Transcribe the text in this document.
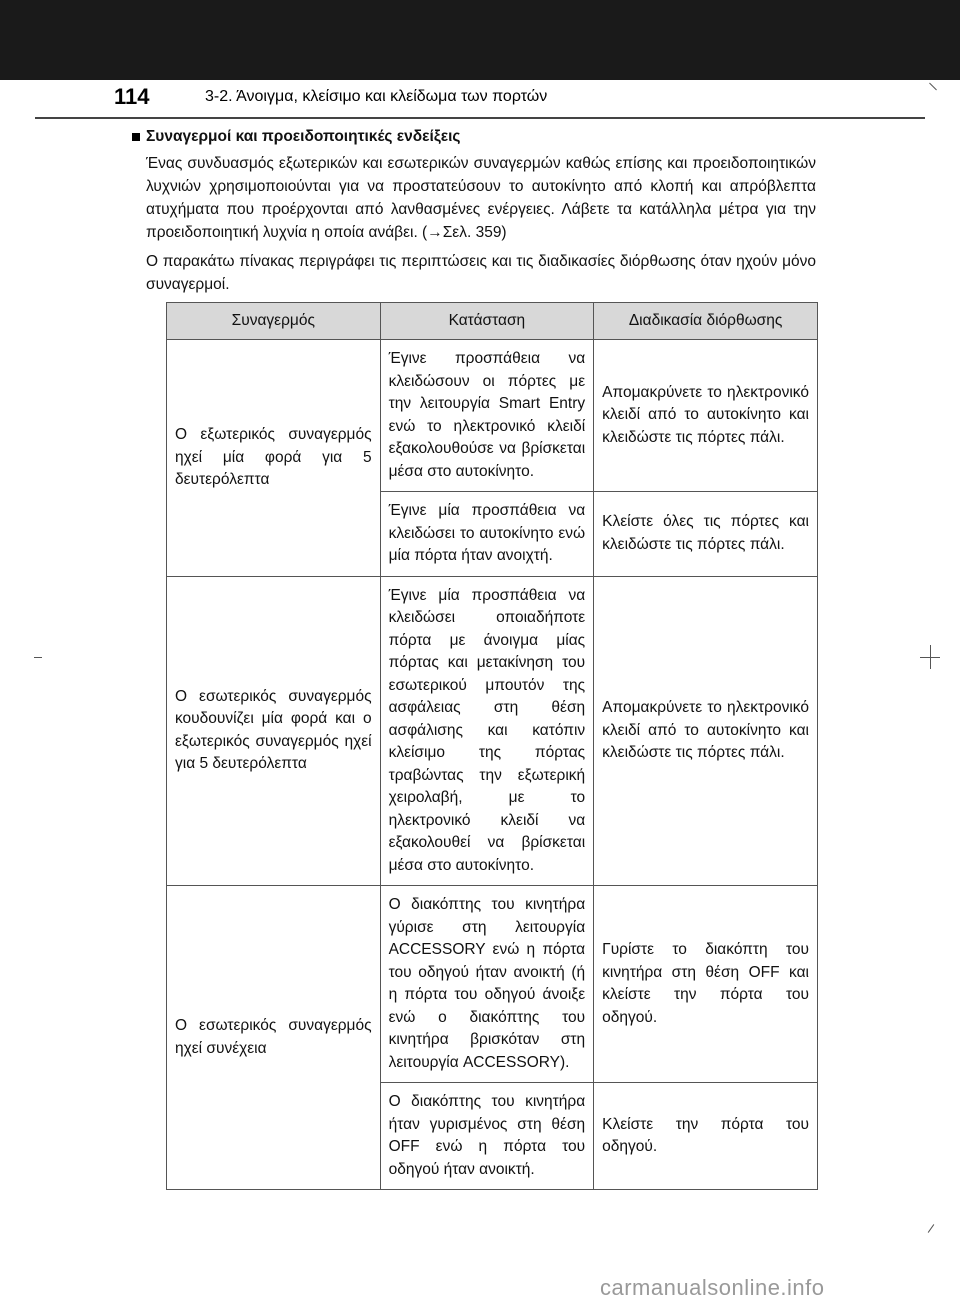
114	3-2. Άνοιγμα, κλείσιμο και κλείδωμα των πορτών
Συναγερμοί και προειδοποιητικές ενδείξεις

Ένας συνδυασμός εξωτερικών και εσωτερικών συναγερμών καθώς επίσης και προειδοποιητικών λυχνιών χρησιμοποιούνται για να προστατεύσουν το αυτοκίνητο από κλοπή και απρόβλεπτα ατυχήματα που προέρχονται από λανθασμένες ενέργειες. Λάβετε τα κατάλληλα μέτρα για την προειδοποιητική λυχνία η οποία ανάβει. (→Σελ. 359)

Ο παρακάτω πίνακας περιγράφει τις περιπτώσεις και τις διαδικασίες διόρθωσης όταν ηχούν μόνο συναγερμοί.

Συναγερμός	Κατάσταση	Διαδικασία διόρθωσης
Ο εξωτερικός συναγερμός ηχεί μία φορά για 5 δευτερόλεπτα	Έγινε προσπάθεια να κλειδώσουν οι πόρτες με την λειτουργία Smart Entry ενώ το ηλεκτρονικό κλειδί εξακολουθούσε να βρίσκεται μέσα στο αυτοκίνητο.	Απομακρύνετε το ηλεκτρονικό κλειδί από το αυτοκίνητο και κλειδώστε τις πόρτες πάλι.
	Έγινε μία προσπάθεια να κλειδώσει το αυτοκίνητο ενώ μία πόρτα ήταν ανοιχτή.	Κλείστε όλες τις πόρτες και κλειδώστε τις πόρτες πάλι.
Ο εσωτερικός συναγερμός κουδουνίζει μία φορά και ο εξωτερικός συναγερμός ηχεί για 5 δευτερόλεπτα	Έγινε μία προσπάθεια να κλειδώσει οποιαδήποτε πόρτα με άνοιγμα μίας πόρτας και μετακίνηση του εσωτερικού μπουτόν της ασφάλειας στη θέση ασφάλισης και κατόπιν κλείσιμο της πόρτας τραβώντας την εξωτερική χειρολαβή, με το ηλεκτρονικό κλειδί να εξακολουθεί να βρίσκεται μέσα στο αυτοκίνητο.	Απομακρύνετε το ηλεκτρονικό κλειδί από το αυτοκίνητο και κλειδώστε τις πόρτες πάλι.
Ο εσωτερικός συναγερμός ηχεί συνέχεια	Ο διακόπτης του κινητήρα γύρισε στη λειτουργία ACCESSORY ενώ η πόρτα του οδηγού ήταν ανοικτή (ή η πόρτα του οδηγού άνοιξε ενώ ο διακόπτης του κινητήρα βρισκόταν στη λειτουργία ACCESSORY).	Γυρίστε το διακόπτη του κινητήρα στη θέση OFF και κλείστε την πόρτα του οδηγού.
	Ο διακόπτης του κινητήρα ήταν γυρισμένος στη θέση OFF ενώ η πόρτα του οδηγού ήταν ανοικτή.	Κλείστε την πόρτα του οδηγού.
carmanualsonline.info
